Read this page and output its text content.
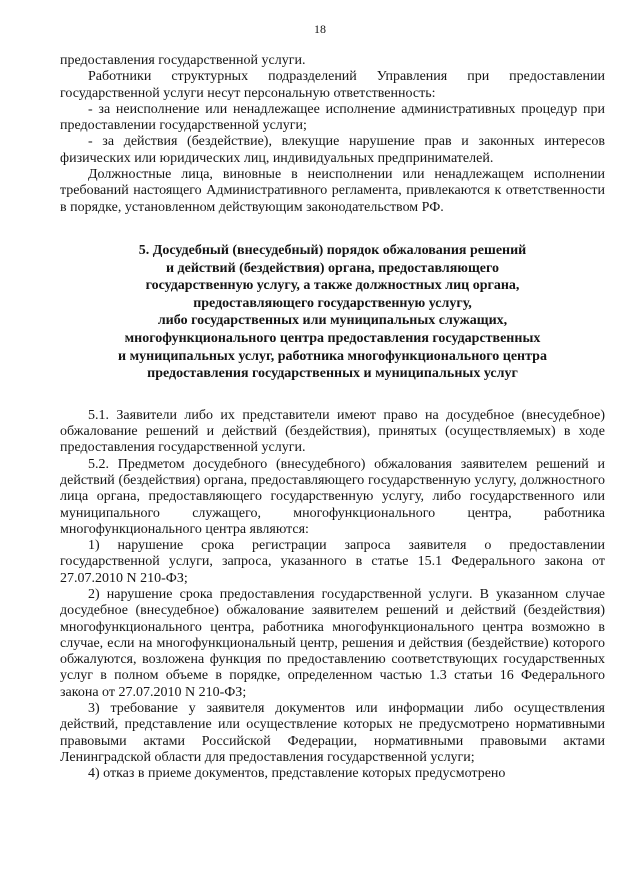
18

предоставления государственной услуги.

Работники структурных подразделений Управления при предоставлении государственной услуги несут персональную ответственность:

- за неисполнение или ненадлежащее исполнение административных процедур при предоставлении государственной услуги;

- за действия (бездействие), влекущие нарушение прав и законных интересов физических или юридических лиц, индивидуальных предпринимателей.

Должностные лица, виновные в неисполнении или ненадлежащем исполнении требований настоящего Административного регламента, привлекаются к ответственности в порядке, установленном действующим законодательством РФ.

5. Досудебный (внесудебный) порядок обжалования решений
и действий (бездействия) органа, предоставляющего
государственную услугу, а также должностных лиц органа,
предоставляющего государственную услугу,
либо государственных или муниципальных служащих,
многофункционального центра предоставления государственных
и муниципальных услуг, работника многофункционального центра
предоставления государственных и муниципальных услуг

5.1. Заявители либо их представители имеют право на досудебное (внесудебное) обжалование решений и действий (бездействия), принятых (осуществляемых) в ходе предоставления государственной услуги.

5.2. Предметом досудебного (внесудебного) обжалования заявителем решений и действий (бездействия) органа, предоставляющего государственную услугу, должностного лица органа, предоставляющего государственную услугу, либо государственного или муниципального служащего, многофункционального центра, работника многофункционального центра являются:

1) нарушение срока регистрации запроса заявителя о предоставлении государственной услуги, запроса, указанного в статье 15.1 Федерального закона от 27.07.2010 N 210-ФЗ;

2) нарушение срока предоставления государственной услуги. В указанном случае досудебное (внесудебное) обжалование заявителем решений и действий (бездействия) многофункционального центра, работника многофункционального центра возможно в случае, если на многофункциональный центр, решения и действия (бездействие) которого обжалуются, возложена функция по предоставлению соответствующих государственных услуг в полном объеме в порядке, определенном частью 1.3 статьи 16 Федерального закона от 27.07.2010 N 210-ФЗ;

3) требование у заявителя документов или информации либо осуществления действий, представление или осуществление которых не предусмотрено нормативными правовыми актами Российской Федерации, нормативными правовыми актами Ленинградской области для предоставления государственной услуги;

4) отказ в приеме документов, представление которых предусмотрено
